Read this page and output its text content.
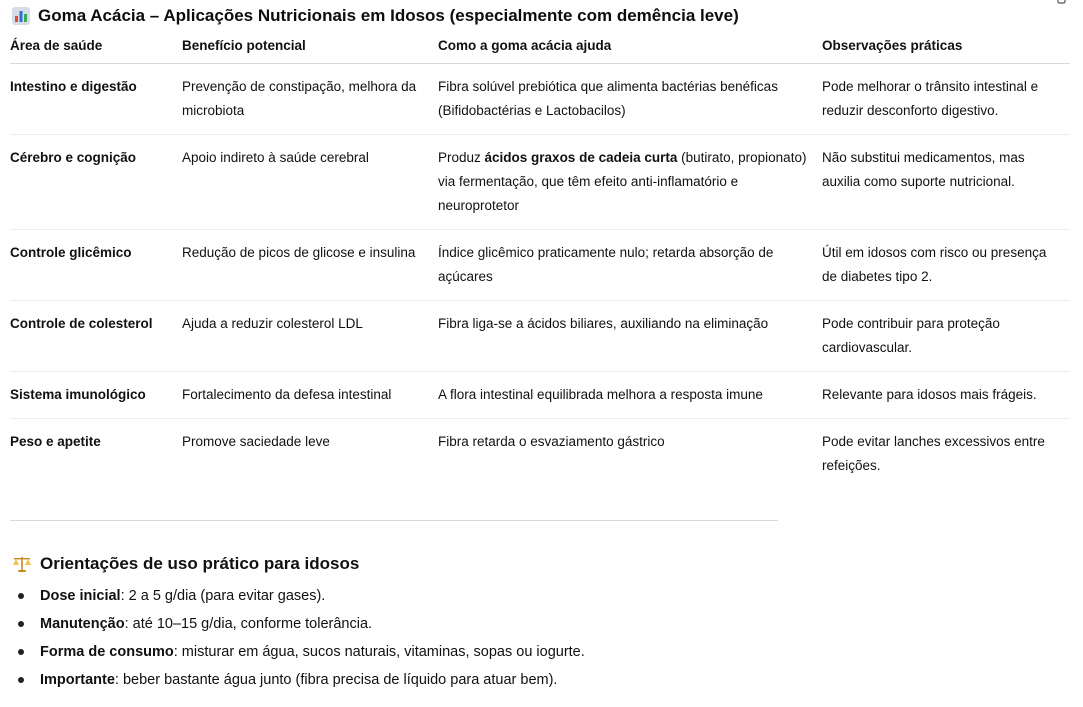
Goma Acácia – Aplicações Nutricionais em Idosos (especialmente com demência leve)
Área de saúde	Benefício potencial	Como a goma acácia ajuda	Observações práticas
Intestino e digestão	Prevenção de constipação, melhora da microbiota	Fibra solúvel prebiótica que alimenta bactérias benéficas (Bifidobactérias e Lactobacilos)	Pode melhorar o trânsito intestinal e reduzir desconforto digestivo.
Cérebro e cognição	Apoio indireto à saúde cerebral	Produz ácidos graxos de cadeia curta (butirato, propionato) via fermentação, que têm efeito anti-inflamatório e neuroprotetor	Não substitui medicamentos, mas auxilia como suporte nutricional.
Controle glicêmico	Redução de picos de glicose e insulina	Índice glicêmico praticamente nulo; retarda absorção de açúcares	Útil em idosos com risco ou presença de diabetes tipo 2.
Controle de colesterol	Ajuda a reduzir colesterol LDL	Fibra liga-se a ácidos biliares, auxiliando na eliminação	Pode contribuir para proteção cardiovascular.
Sistema imunológico	Fortalecimento da defesa intestinal	A flora intestinal equilibrada melhora a resposta imune	Relevante para idosos mais frágeis.
Peso e apetite	Promove saciedade leve	Fibra retarda o esvaziamento gástrico	Pode evitar lanches excessivos entre refeições.
Orientações de uso prático para idosos
Dose inicial: 2 a 5 g/dia (para evitar gases).
Manutenção: até 10–15 g/dia, conforme tolerância.
Forma de consumo: misturar em água, sucos naturais, vitaminas, sopas ou iogurte.
Importante: beber bastante água junto (fibra precisa de líquido para atuar bem).
